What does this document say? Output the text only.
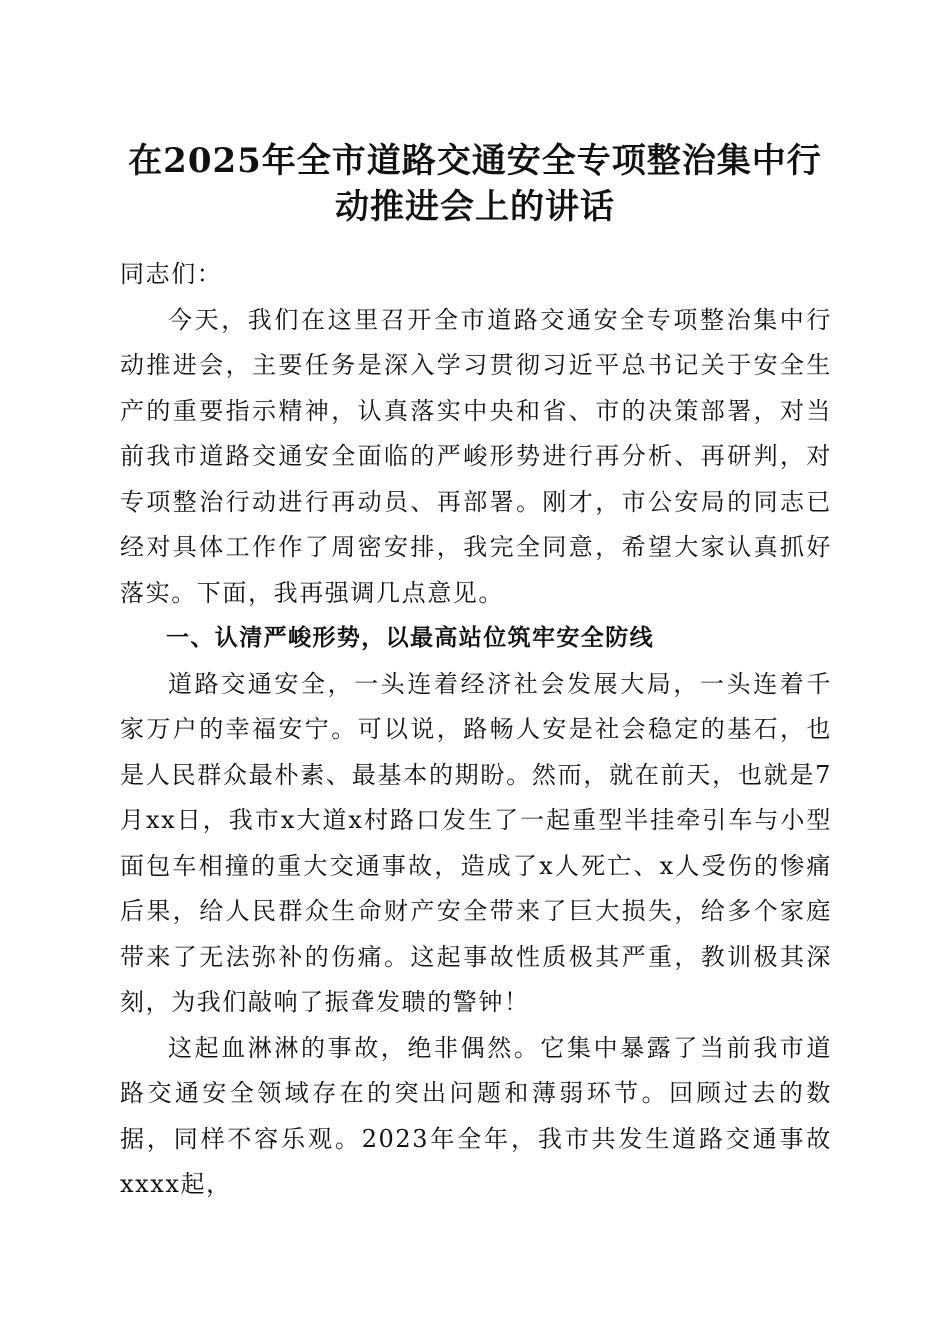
在2025年全市道路交通安全专项整治集中行
动推进会上的讲话

同志们：

今天，我们在这里召开全市道路交通安全专项整治集中行动推进会，主要任务是深入学习贯彻习近平总书记关于安全生产的重要指示精神，认真落实中央和省、市的决策部署，对当前我市道路交通安全面临的严峻形势进行再分析、再研判，对专项整治行动进行再动员、再部署。刚才，市公安局的同志已经对具体工作作了周密安排，我完全同意，希望大家认真抓好落实。下面，我再强调几点意见。

一、认清严峻形势，以最高站位筑牢安全防线

道路交通安全，一头连着经济社会发展大局，一头连着千家万户的幸福安宁。可以说，路畅人安是社会稳定的基石，也是人民群众最朴素、最基本的期盼。然而，就在前天，也就是7月xx日，我市x大道x村路口发生了一起重型半挂牵引车与小型面包车相撞的重大交通事故，造成了x人死亡、x人受伤的惨痛后果，给人民群众生命财产安全带来了巨大损失，给多个家庭带来了无法弥补的伤痛。这起事故性质极其严重，教训极其深刻，为我们敲响了振聋发聩的警钟！

这起血淋淋的事故，绝非偶然。它集中暴露了当前我市道路交通安全领域存在的突出问题和薄弱环节。回顾过去的数据，同样不容乐观。2023年全年，我市共发生道路交通事故xxxx起，
